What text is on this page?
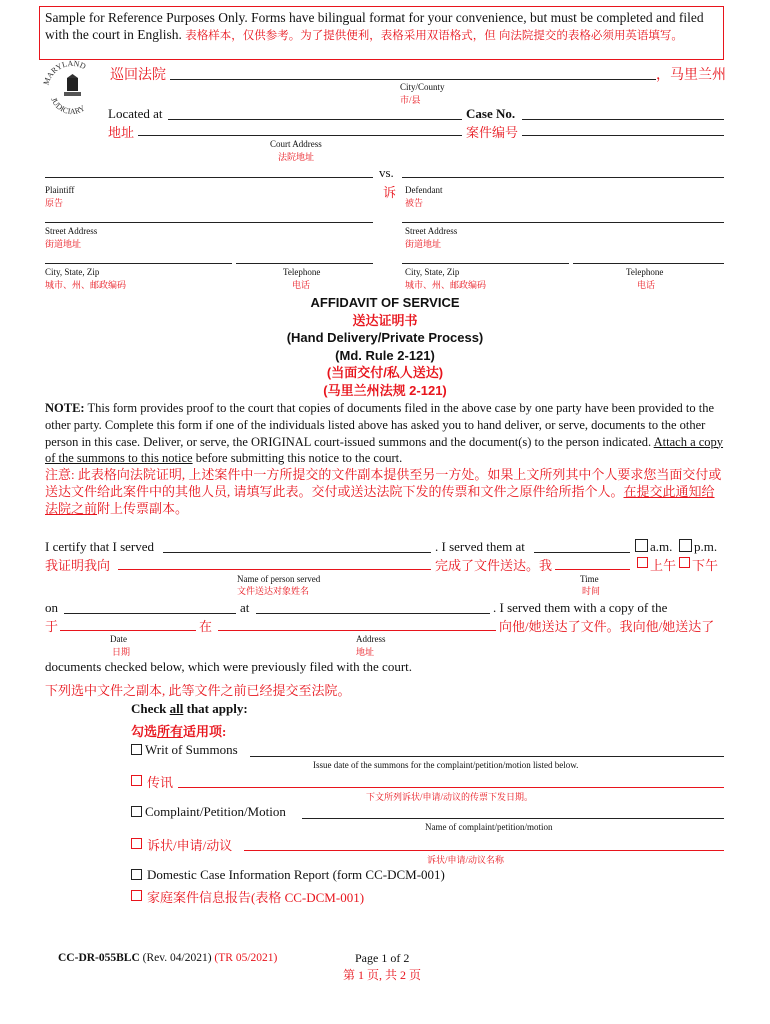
Sample for Reference Purposes Only. Forms have bilingual format for your convenience, but must be completed and filed with the court in English. 表格样本，仅供参考。为了提供便利，表格采用双语格式，但 向法院提交的表格必须用英语填写。
MARYLAND
JUDICIARY
巡回法院	，马里兰州
City/County
市/县
Located at
地址
Case No.
案件编号
Court Address
法院地址
vs.
诉
Plaintiff
原告
Defendant
被告
Street Address
街道地址
Street Address
街道地址
City, State, Zip
城市、州、邮政编码
Telephone
电话
City, State, Zip
城市、州、邮政编码
Telephone
电话
AFFIDAVIT OF SERVICE
送达证明书
(Hand Delivery/Private Process)
(Md. Rule 2-121)
(当面交付/私人送达)
(马里兰州法规 2-121)
NOTE: This form provides proof to the court that copies of documents filed in the above case by one party have been provided to the other party. Complete this form if one of the individuals listed above has asked you to hand deliver, or serve, documents to the other person in this case. Deliver, or serve, the ORIGINAL court-issued summons and the document(s) to the person indicated. Attach a copy of the summons to this notice before submitting this notice to the court.
注意: 此表格向法院证明, 上述案件中一方所提交的文件副本提供至另一方处。如果上文所列其中个人要求您当面交付或送达文件给此案件中的其他人员, 请填写此表。交付或送达法院下发的传票和文件之原件给所指个人。在提交此通知给法院之前附上传票副本。
I certify that I served	. I served them at	a.m. p.m.
我证明我向	完成了文件送达。我	上午 下午
Name of person served
文件送达对象姓名
Time
时间
on	at	. I served them with a copy of the
于	在	向他/她送达了文件。我向他/她送达了
Date
日期
Address
地址
documents checked below, which were previously filed with the court.
下列选中文件之副本, 此等文件之前已经提交至法院。
Check all that apply:
勾选所有适用项:
Writ of Summons
Issue date of the summons for the complaint/petition/motion listed below.
传讯
下文所列诉状/申请/动议的传票下发日期。
Complaint/Petition/Motion
Name of complaint/petition/motion
诉状/申请/动议
诉状/申请/动议名称
Domestic Case Information Report (form CC-DCM-001)
家庭案件信息报告(表格 CC-DCM-001)
CC-DR-055BLC (Rev. 04/2021) (TR 05/2021)	Page 1 of 2
第 1 页, 共 2 页
